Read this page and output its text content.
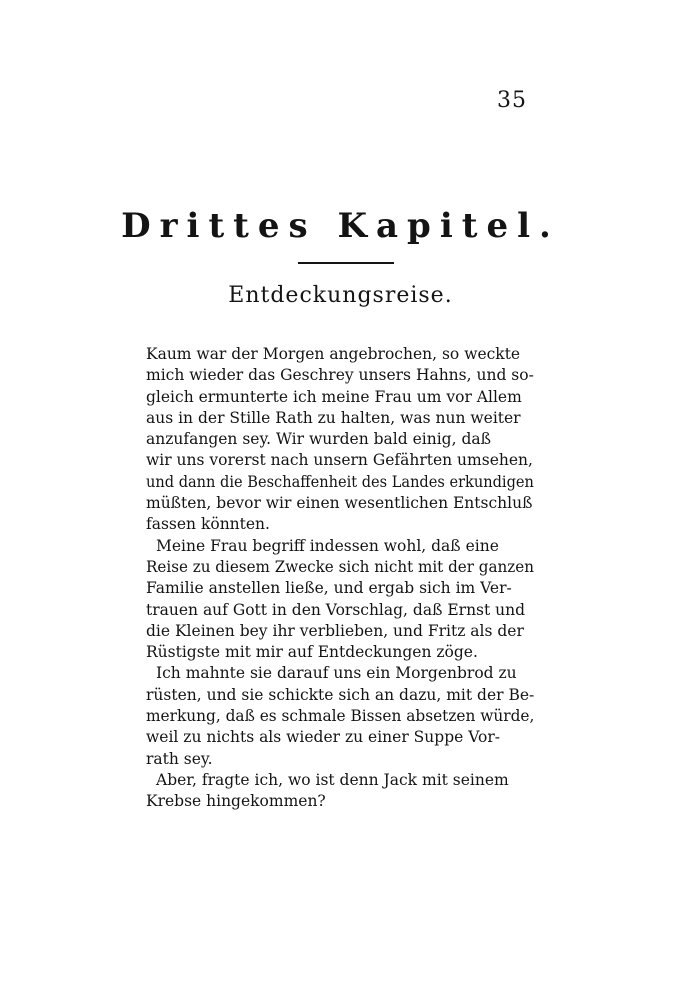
35
Drittes Kapitel.
Entdeckungsreise.
Kaum war der Morgen angebrochen, so weckte
mich wieder das Geschrey unsers Hahns, und so-
gleich ermunterte ich meine Frau um vor Allem
aus in der Stille Rath zu halten, was nun weiter
anzufangen sey. Wir wurden bald einig, daß
wir uns vorerst nach unsern Gefährten umsehen,
und dann die Beschaffenheit des Landes erkundigen
müßten, bevor wir einen wesentlichen Entschluß
fassen könnten.
Meine Frau begriff indessen wohl, daß eine
Reise zu diesem Zwecke sich nicht mit der ganzen
Familie anstellen ließe, und ergab sich im Ver-
trauen auf Gott in den Vorschlag, daß Ernst und
die Kleinen bey ihr verblieben, und Fritz als der
Rüstigste mit mir auf Entdeckungen zöge.
Ich mahnte sie darauf uns ein Morgenbrod zu
rüsten, und sie schickte sich an dazu, mit der Be-
merkung, daß es schmale Bissen absetzen würde,
weil zu nichts als wieder zu einer Suppe Vor-
rath sey.
Aber, fragte ich, wo ist denn Jack mit seinem
Krebse hingekommen?
